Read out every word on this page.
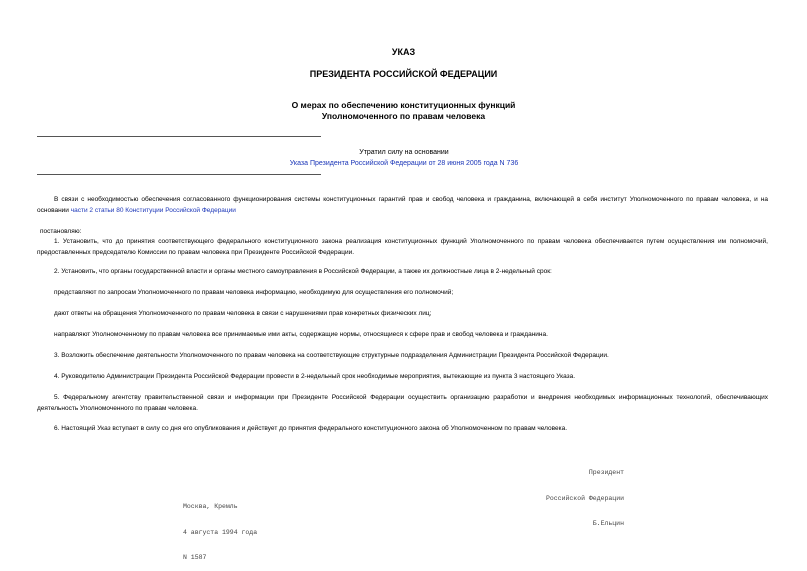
УКАЗ
ПРЕЗИДЕНТА РОССИЙСКОЙ ФЕДЕРАЦИИ
О мерах по обеспечению конституционных функций
Уполномоченного по правам человека
Утратил силу на основании
Указа Президента Российской Федерации от 28 июня 2005 года N 736
В связи с необходимостью обеспечения согласованного функционирования системы конституционных гарантий прав и свобод человека и гражданина, включающей в себя институт Уполномоченного по правам человека, и на основании части 2 статьи 80 Конституции Российской Федерации
постановляю:
1. Установить, что до принятия соответствующего федерального конституционного закона реализация конституционных функций Уполномоченного по правам человека обеспечивается путем осуществления им полномочий, предоставленных председателю Комиссии по правам человека при Президенте Российской Федерации.
2. Установить, что органы государственной власти и органы местного самоуправления в Российской Федерации, а также их должностные лица в 2-недельный срок:
представляют по запросам Уполномоченного по правам человека информацию, необходимую для осуществления его полномочий;
дают ответы на обращения Уполномоченного по правам человека в связи с нарушениями прав конкретных физических лиц;
направляют Уполномоченному по правам человека все принимаемые ими акты, содержащие нормы, относящиеся к сфере прав и свобод человека и гражданина.
3. Возложить обеспечение деятельности Уполномоченного по правам человека на соответствующие структурные подразделения Администрации Президента Российской Федерации.
4. Руководителю Администрации Президента Российской Федерации провести в 2-недельный срок необходимые мероприятия, вытекающие из пункта 3 настоящего Указа.
5. Федеральному агентству правительственной связи и информации при Президенте Российской Федерации осуществить организацию разработки и внедрения необходимых информационных технологий, обеспечивающих деятельность Уполномоченного по правам человека.
6. Настоящий Указ вступает в силу со дня его опубликования и действует до принятия федерального конституционного закона об Уполномоченном по правам человека.

Президент

Российской Федерации

Б.Ельцин

Москва, Кремль

4 августа 1994 года

N 1587
